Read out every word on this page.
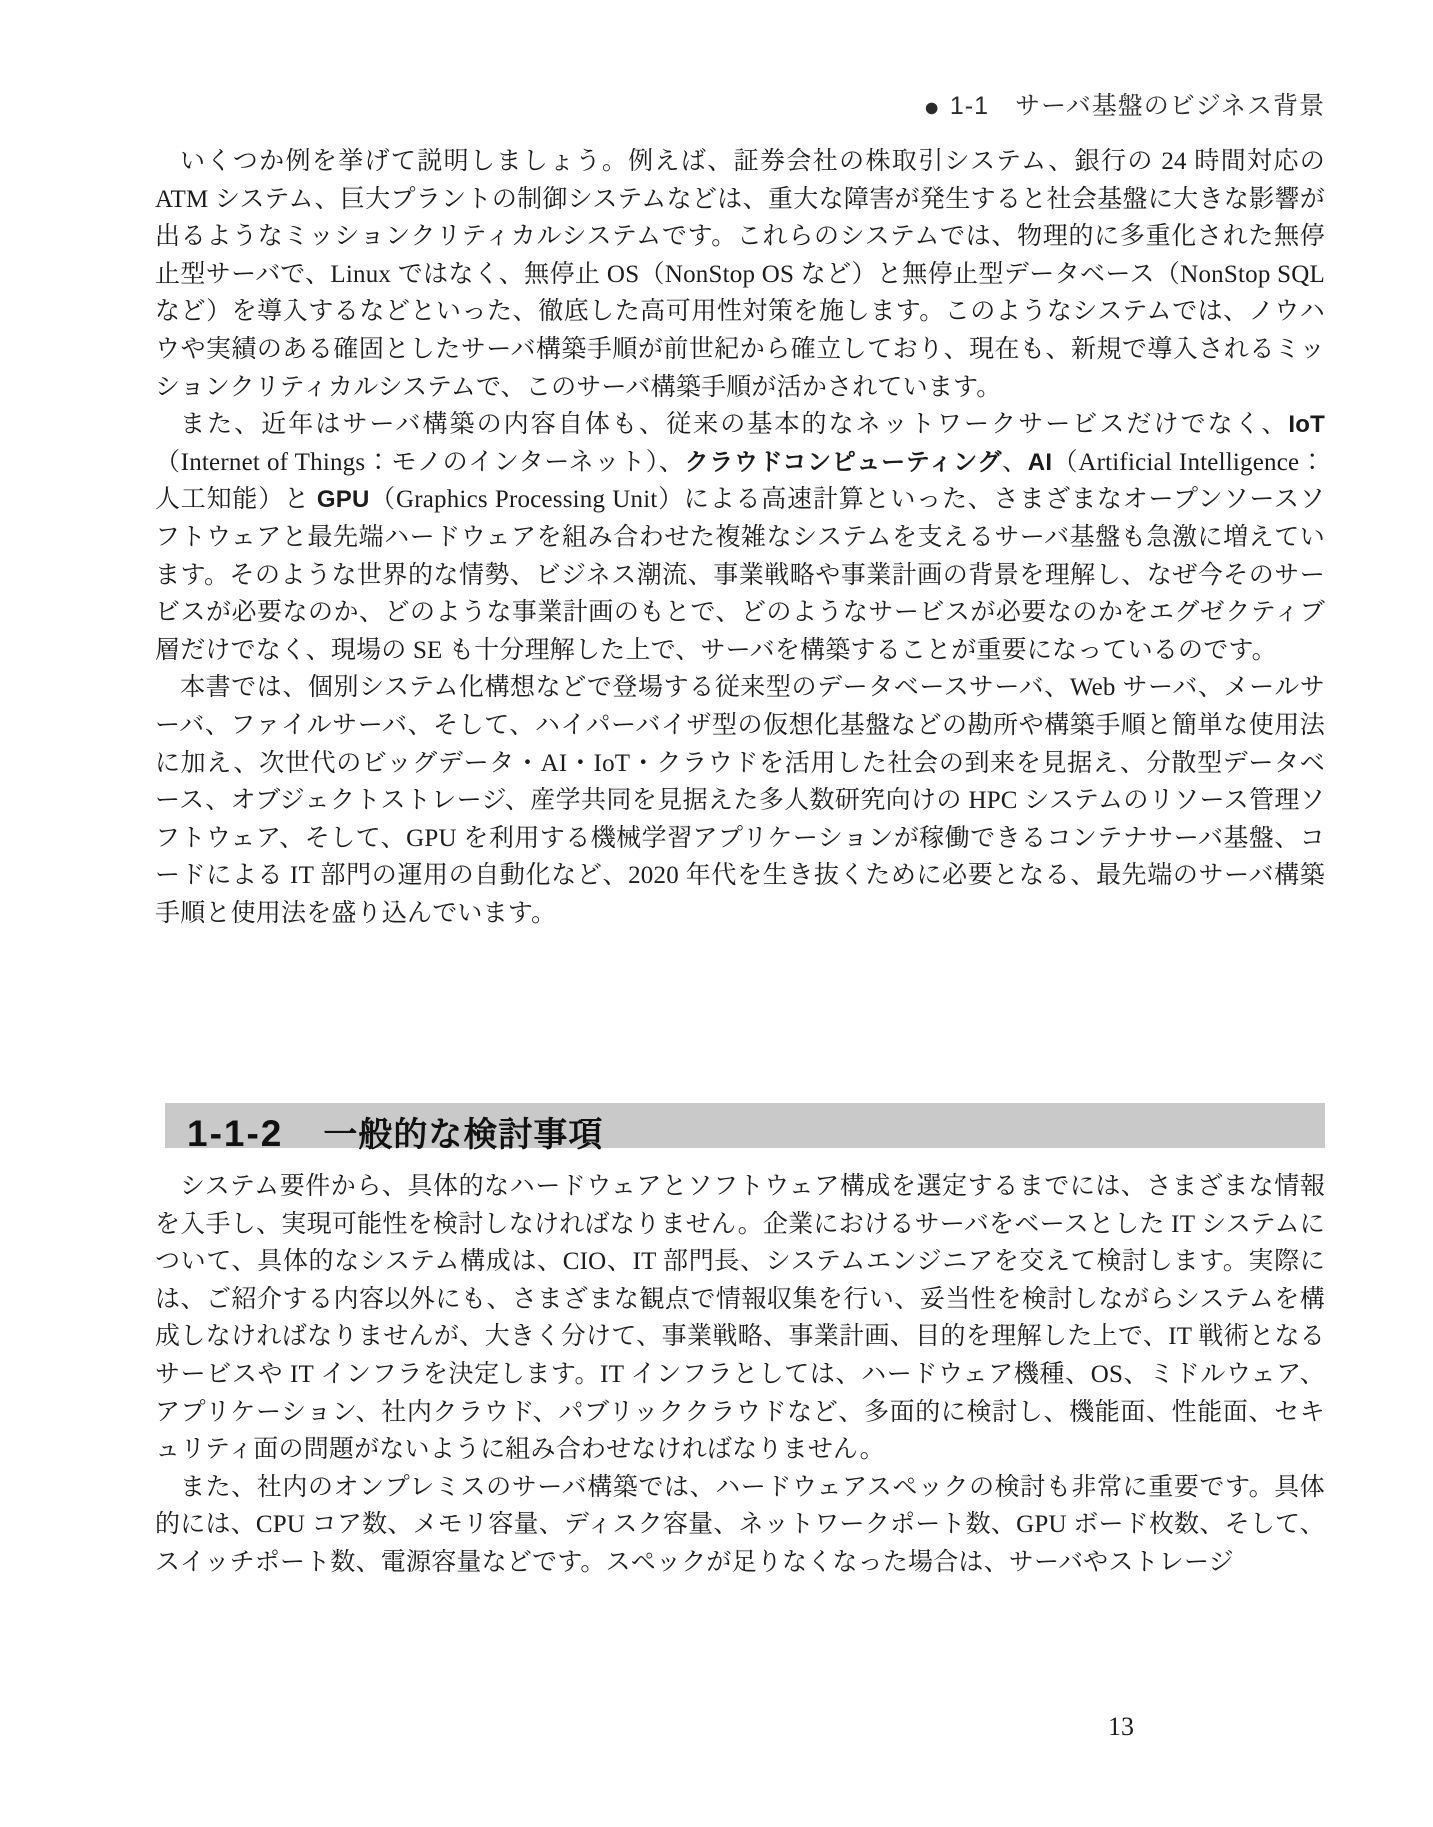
● 1-1　サーバ基盤のビジネス背景

いくつか例を挙げて説明しましょう。例えば、証券会社の株取引システム、銀行の 24 時間対応の ATM システム、巨大プラントの制御システムなどは、重大な障害が発生すると社会基盤に大きな影響が出るようなミッションクリティカルシステムです。これらのシステムでは、物理的に多重化された無停止型サーバで、Linux ではなく、無停止 OS（NonStop OS など）と無停止型データベース（NonStop SQL など）を導入するなどといった、徹底した高可用性対策を施します。このようなシステムでは、ノウハウや実績のある確固としたサーバ構築手順が前世紀から確立しており、現在も、新規で導入されるミッションクリティカルシステムで、このサーバ構築手順が活かされています。

また、近年はサーバ構築の内容自体も、従来の基本的なネットワークサービスだけでなく、IoT（Internet of Things：モノのインターネット）、クラウドコンピューティング、AI（Artificial Intelligence：人工知能）と GPU（Graphics Processing Unit）による高速計算といった、さまざまなオープンソースソフトウェアと最先端ハードウェアを組み合わせた複雑なシステムを支えるサーバ基盤も急激に増えています。そのような世界的な情勢、ビジネス潮流、事業戦略や事業計画の背景を理解し、なぜ今そのサービスが必要なのか、どのような事業計画のもとで、どのようなサービスが必要なのかをエグゼクティブ層だけでなく、現場の SE も十分理解した上で、サーバを構築することが重要になっているのです。

本書では、個別システム化構想などで登場する従来型のデータベースサーバ、Web サーバ、メールサーバ、ファイルサーバ、そして、ハイパーバイザ型の仮想化基盤などの勘所や構築手順と簡単な使用法に加え、次世代のビッグデータ・AI・IoT・クラウドを活用した社会の到来を見据え、分散型データベース、オブジェクトストレージ、産学共同を見据えた多人数研究向けの HPC システムのリソース管理ソフトウェア、そして、GPU を利用する機械学習アプリケーションが稼働できるコンテナサーバ基盤、コードによる IT 部門の運用の自動化など、2020 年代を生き抜くために必要となる、最先端のサーバ構築手順と使用法を盛り込んでいます。

1-1-2 一般的な検討事項

システム要件から、具体的なハードウェアとソフトウェア構成を選定するまでには、さまざまな情報を入手し、実現可能性を検討しなければなりません。企業におけるサーバをベースとした IT システムについて、具体的なシステム構成は、CIO、IT 部門長、システムエンジニアを交えて検討します。実際には、ご紹介する内容以外にも、さまざまな観点で情報収集を行い、妥当性を検討しながらシステムを構成しなければなりませんが、大きく分けて、事業戦略、事業計画、目的を理解した上で、IT 戦術となるサービスや IT インフラを決定します。IT インフラとしては、ハードウェア機種、OS、ミドルウェア、アプリケーション、社内クラウド、パブリッククラウドなど、多面的に検討し、機能面、性能面、セキュリティ面の問題がないように組み合わせなければなりません。

また、社内のオンプレミスのサーバ構築では、ハードウェアスペックの検討も非常に重要です。具体的には、CPU コア数、メモリ容量、ディスク容量、ネットワークポート数、GPU ボード枚数、そして、スイッチポート数、電源容量などです。スペックが足りなくなった場合は、サーバやストレージ

13
